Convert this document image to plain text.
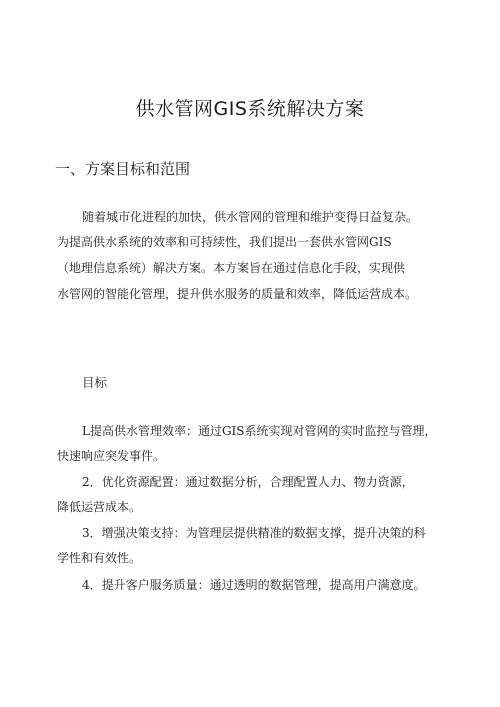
供水管网GIS系统解决方案
一、方案目标和范围
随着城市化进程的加快，供水管网的管理和维护变得日益复杂。
为提高供水系统的效率和可持续性，我们提出一套供水管网GIS
（地理信息系统）解决方案。本方案旨在通过信息化手段，实现供
水管网的智能化管理，提升供水服务的质量和效率，降低运营成本。
目标
L提高供水管理效率：通过GIS系统实现对管网的实时监控与管理，
快速响应突发事件。
2．优化资源配置：通过数据分析，合理配置人力、物力资源，
降低运营成本。
3．增强决策支持：为管理层提供精准的数据支撑，提升决策的科
学性和有效性。
4．提升客户服务质量：通过透明的数据管理，提高用户满意度。
